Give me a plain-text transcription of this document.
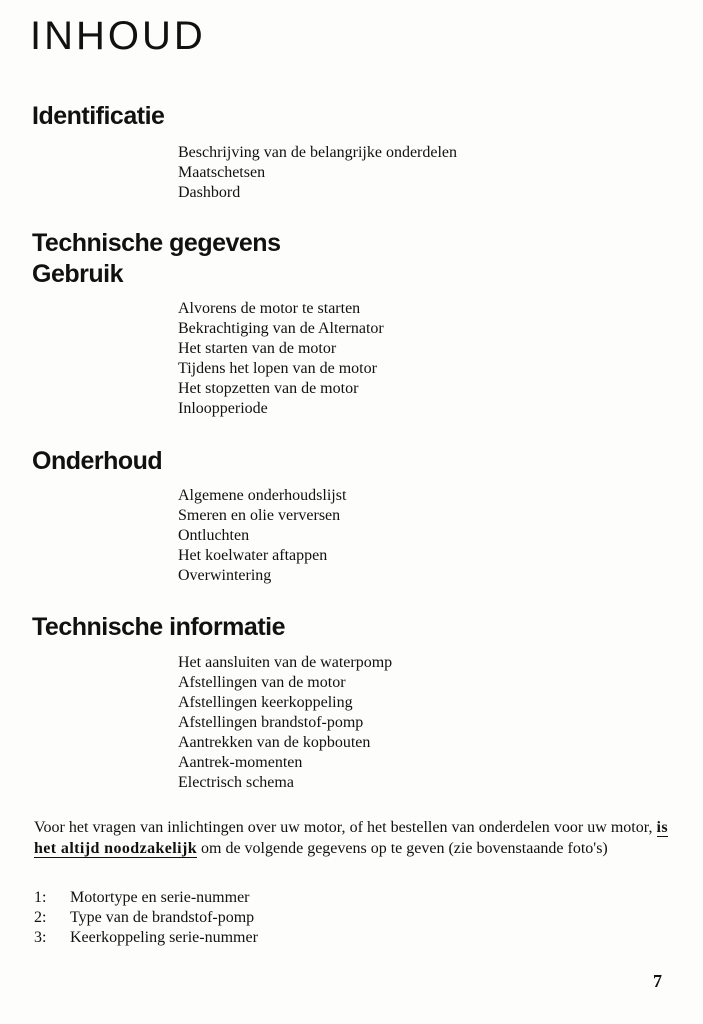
INHOUD
Identificatie
Beschrijving van de belangrijke onderdelen
Maatschetsen
Dashbord
Technische gegevens
Gebruik
Alvorens de motor te starten
Bekrachtiging van de Alternator
Het starten van de motor
Tijdens het lopen van de motor
Het stopzetten van de motor
Inloopperiode
Onderhoud
Algemene onderhoudslijst
Smeren en olie verversen
Ontluchten
Het koelwater aftappen
Overwintering
Technische informatie
Het aansluiten van de waterpomp
Afstellingen van de motor
Afstellingen keerkoppeling
Afstellingen brandstof-pomp
Aantrekken van de kopbouten
Aantrek-momenten
Electrisch schema

Voor het vragen van inlichtingen over uw motor, of het bestellen van onderdelen voor uw motor, is het altijd noodzakelijk om de volgende gegevens op te geven (zie bovenstaande foto's)

1:	Motortype en serie-nummer
2:	Type van de brandstof-pomp
3:	Keerkoppeling serie-nummer
7
